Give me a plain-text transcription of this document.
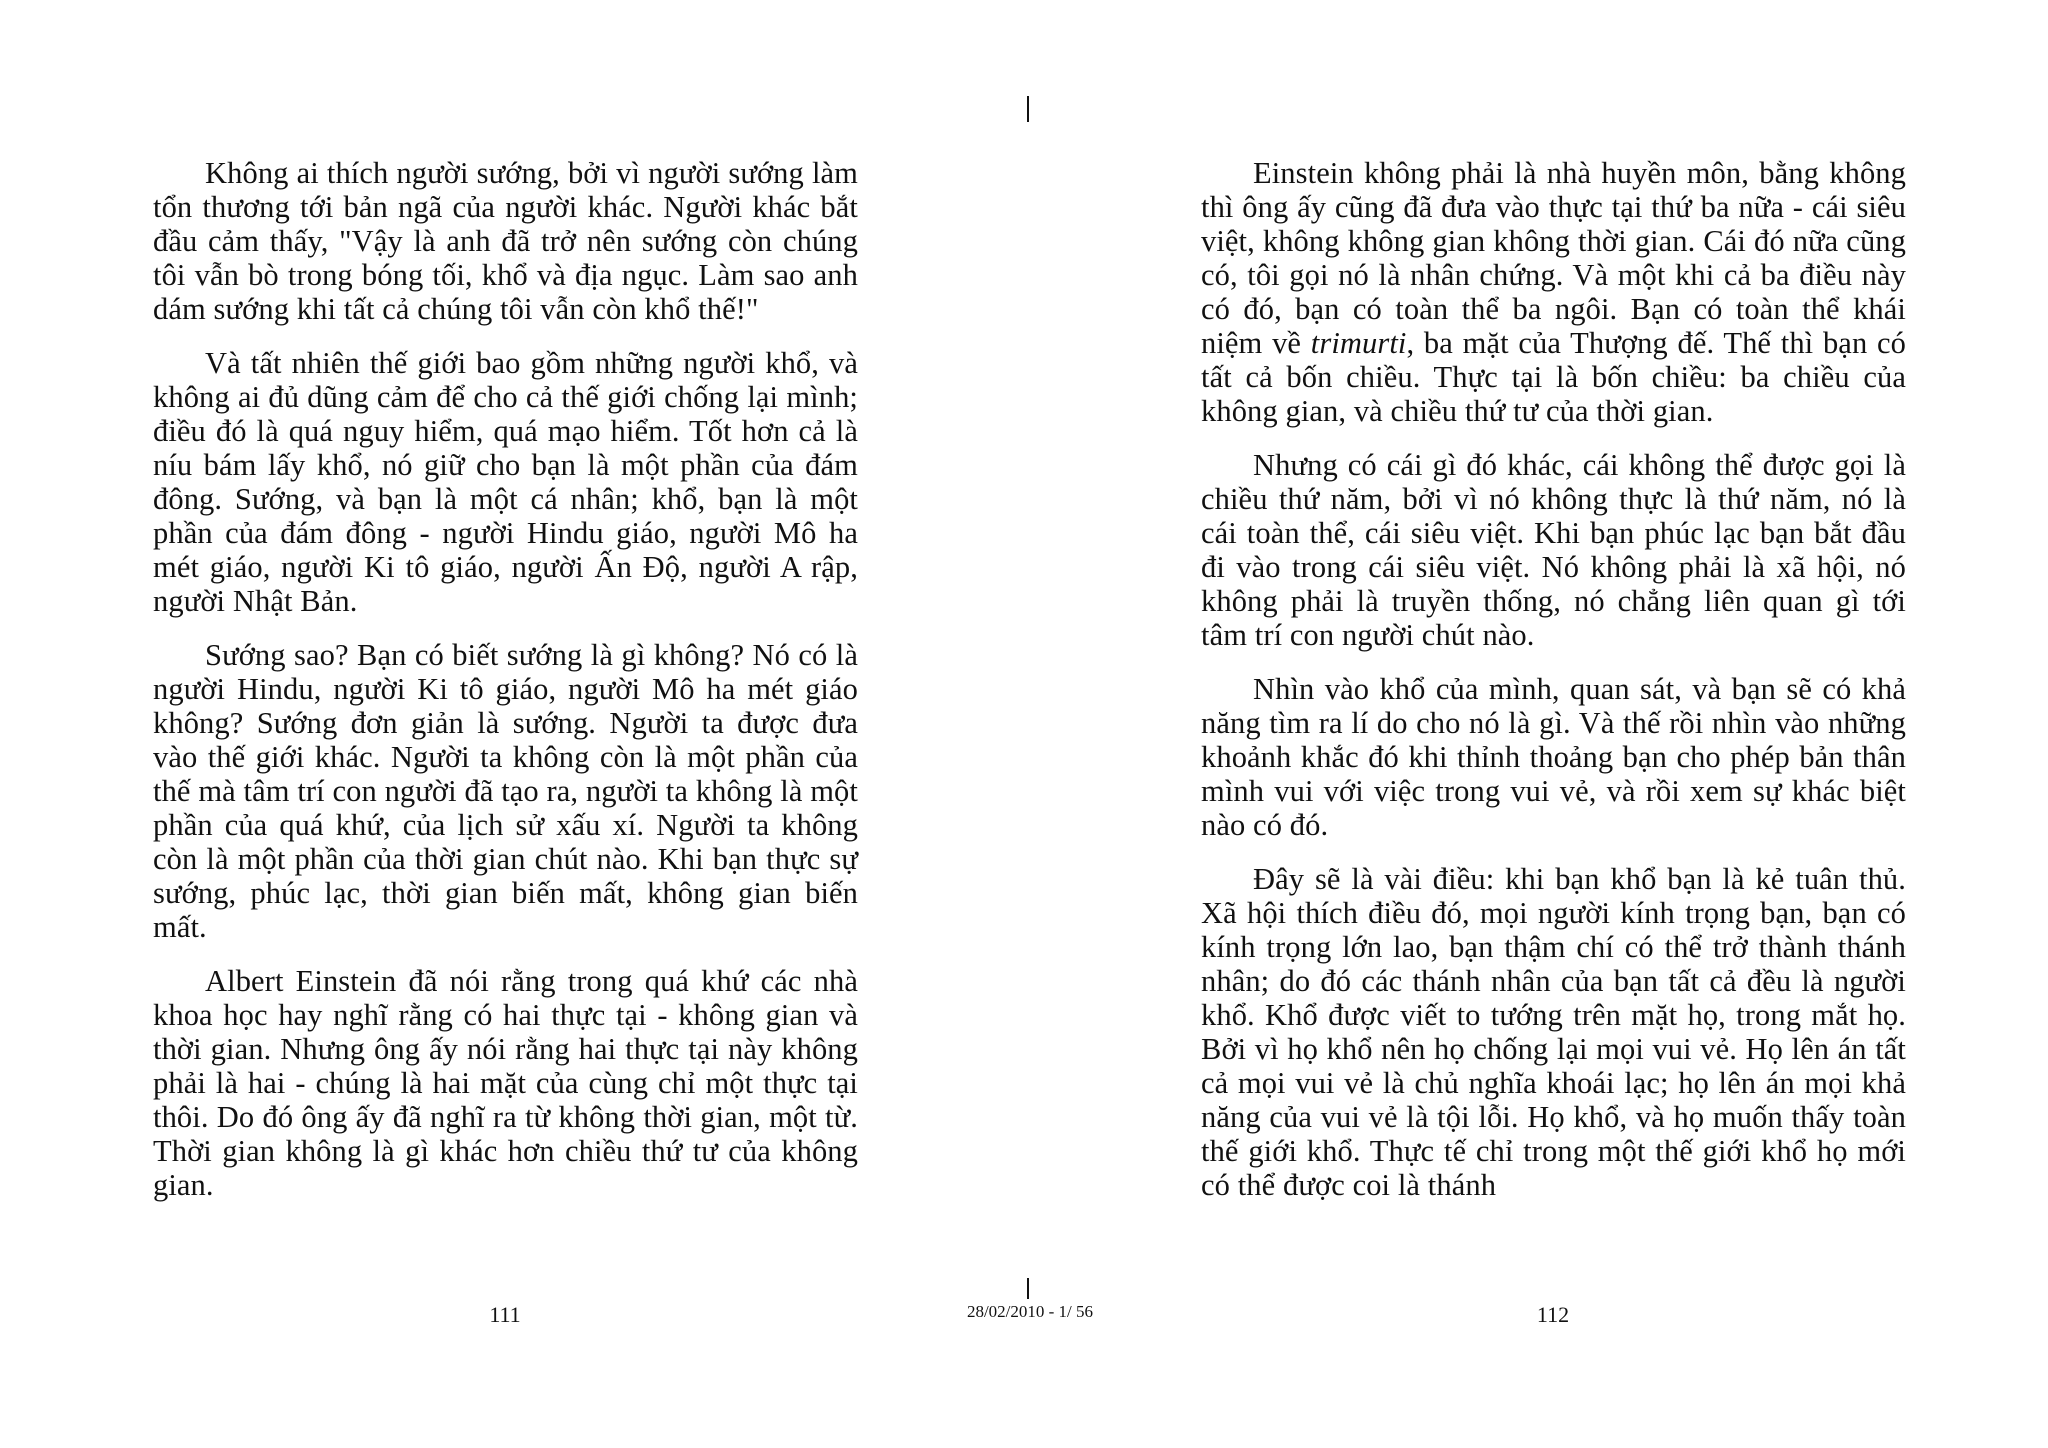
Không ai thích người sướng, bởi vì người sướng làm tổn thương tới bản ngã của người khác. Người khác bắt đầu cảm thấy, "Vậy là anh đã trở nên sướng còn chúng tôi vẫn bò trong bóng tối, khổ và địa ngục. Làm sao anh dám sướng khi tất cả chúng tôi vẫn còn khổ thế!"

Và tất nhiên thế giới bao gồm những người khổ, và không ai đủ dũng cảm để cho cả thế giới chống lại mình; điều đó là quá nguy hiểm, quá mạo hiểm. Tốt hơn cả là níu bám lấy khổ, nó giữ cho bạn là một phần của đám đông. Sướng, và bạn là một cá nhân; khổ, bạn là một phần của đám đông - người Hindu giáo, người Mô ha mét giáo, người Ki tô giáo, người Ấn Độ, người A rập, người Nhật Bản.

Sướng sao? Bạn có biết sướng là gì không? Nó có là người Hindu, người Ki tô giáo, người Mô ha mét giáo không? Sướng đơn giản là sướng. Người ta được đưa vào thế giới khác. Người ta không còn là một phần của thế mà tâm trí con người đã tạo ra, người ta không là một phần của quá khứ, của lịch sử xấu xí. Người ta không còn là một phần của thời gian chút nào. Khi bạn thực sự sướng, phúc lạc, thời gian biến mất, không gian biến mất.

Albert Einstein đã nói rằng trong quá khứ các nhà khoa học hay nghĩ rằng có hai thực tại - không gian và thời gian. Nhưng ông ấy nói rằng hai thực tại này không phải là hai - chúng là hai mặt của cùng chỉ một thực tại thôi. Do đó ông ấy đã nghĩ ra từ không thời gian, một từ. Thời gian không là gì khác hơn chiều thứ tư của không gian.

Einstein không phải là nhà huyền môn, bằng không thì ông ấy cũng đã đưa vào thực tại thứ ba nữa - cái siêu việt, không không gian không thời gian. Cái đó nữa cũng có, tôi gọi nó là nhân chứng. Và một khi cả ba điều này có đó, bạn có toàn thể ba ngôi. Bạn có toàn thể khái niệm về trimurti, ba mặt của Thượng đế. Thế thì bạn có tất cả bốn chiều. Thực tại là bốn chiều: ba chiều của không gian, và chiều thứ tư của thời gian.

Nhưng có cái gì đó khác, cái không thể được gọi là chiều thứ năm, bởi vì nó không thực là thứ năm, nó là cái toàn thể, cái siêu việt. Khi bạn phúc lạc bạn bắt đầu đi vào trong cái siêu việt. Nó không phải là xã hội, nó không phải là truyền thống, nó chẳng liên quan gì tới tâm trí con người chút nào.

Nhìn vào khổ của mình, quan sát, và bạn sẽ có khả năng tìm ra lí do cho nó là gì. Và thế rồi nhìn vào những khoảnh khắc đó khi thỉnh thoảng bạn cho phép bản thân mình vui với việc trong vui vẻ, và rồi xem sự khác biệt nào có đó.

Đây sẽ là vài điều: khi bạn khổ bạn là kẻ tuân thủ. Xã hội thích điều đó, mọi người kính trọng bạn, bạn có kính trọng lớn lao, bạn thậm chí có thể trở thành thánh nhân; do đó các thánh nhân của bạn tất cả đều là người khổ. Khổ được viết to tướng trên mặt họ, trong mắt họ. Bởi vì họ khổ nên họ chống lại mọi vui vẻ. Họ lên án tất cả mọi vui vẻ là chủ nghĩa khoái lạc; họ lên án mọi khả năng của vui vẻ là tội lỗi. Họ khổ, và họ muốn thấy toàn thế giới khổ. Thực tế chỉ trong một thế giới khổ họ mới có thể được coi là thánh

111	28/02/2010 - 1/ 56	112
